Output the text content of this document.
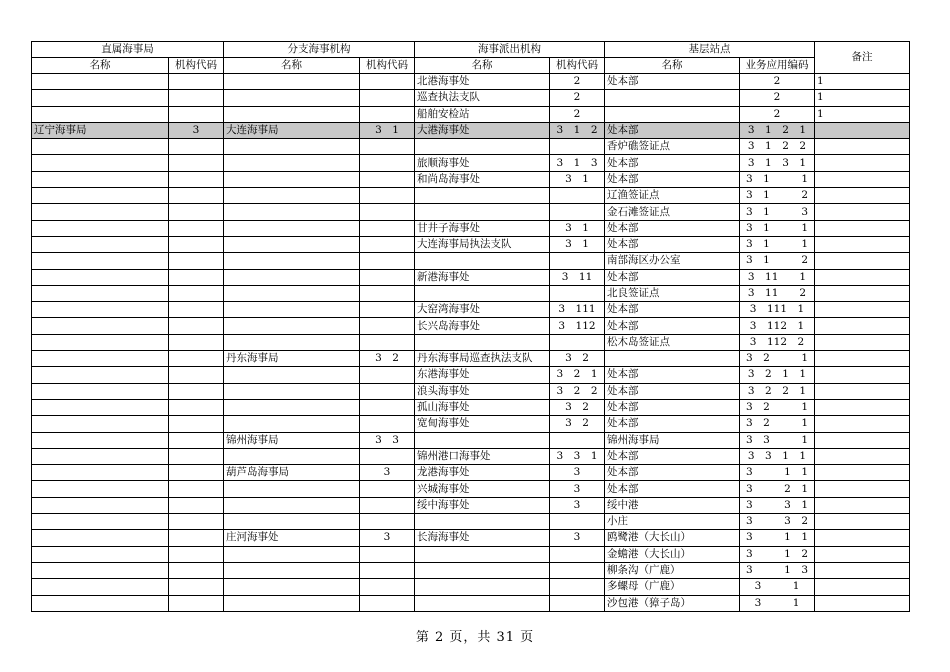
直属海事局		分支海事机构		海事派出机构		基层站点		备注
名称	机构代码	名称	机构代码	名称	机构代码	名称	业务应用编码	
				北港海事处	2	处本部	2	1
				巡查执法支队	2		2	1
				船舶安检站	2		2	1
辽宁海事局	3	大连海事局	3　1	大港海事处	3　1　2	处本部	3　1　2　1	
						香炉礁签证点	3　1　2　2	
				旅顺海事处	3　1　3	处本部	3　1　3　1	
				和尚岛海事处	3　1	处本部	3　1　　　1	
						辽渔签证点	3　1　　　2	
						金石滩签证点	3　1　　　3	
				甘井子海事处	3　1	处本部	3　1　　　1	
				大连海事局执法支队	3　1	处本部	3　1　　　1	
						南部海区办公室	3　1　　　2	
				新港海事处	3　11	处本部	3　11　　1	
						北良签证点	3　11　　2	
				大窑湾海事处	3　111	处本部	3　111　1	
				长兴岛海事处	3　112	处本部	3　112　1	
						松木岛签证点	3　112　2	
		丹东海事局	3　2	丹东海事局巡查执法支队	3　2		3　2　　　1	
				东港海事处	3　2　1	处本部	3　2　1　1	
				浪头海事处	3　2　2	处本部	3　2　2　1	
				孤山海事处	3　2	处本部	3　2　　　1	
				宽甸海事处	3　2	处本部	3　2　　　1	
		锦州海事局	3　3			锦州海事局	3　3　　　1	
				锦州港口海事处	3　3　1	处本部	3　3　1　1	
		葫芦岛海事局	3	龙港海事处	3	处本部	3　　　1　1	
				兴城海事处	3	处本部	3　　　2　1	
				绥中海事处	3	绥中港	3　　　3　1	
						小庄	3　　　3　2	
		庄河海事处	3	长海海事处	3	鸥鹭港（大长山）	3　　　1　1	
						金蟾港（大长山）	3　　　1　2	
						柳条沟（广鹿）	3　　　1　3	
						多螺母（广鹿）	3　　　1	
						沙包港（獐子岛）	3　　　1	
第 2 页，共 31 页
